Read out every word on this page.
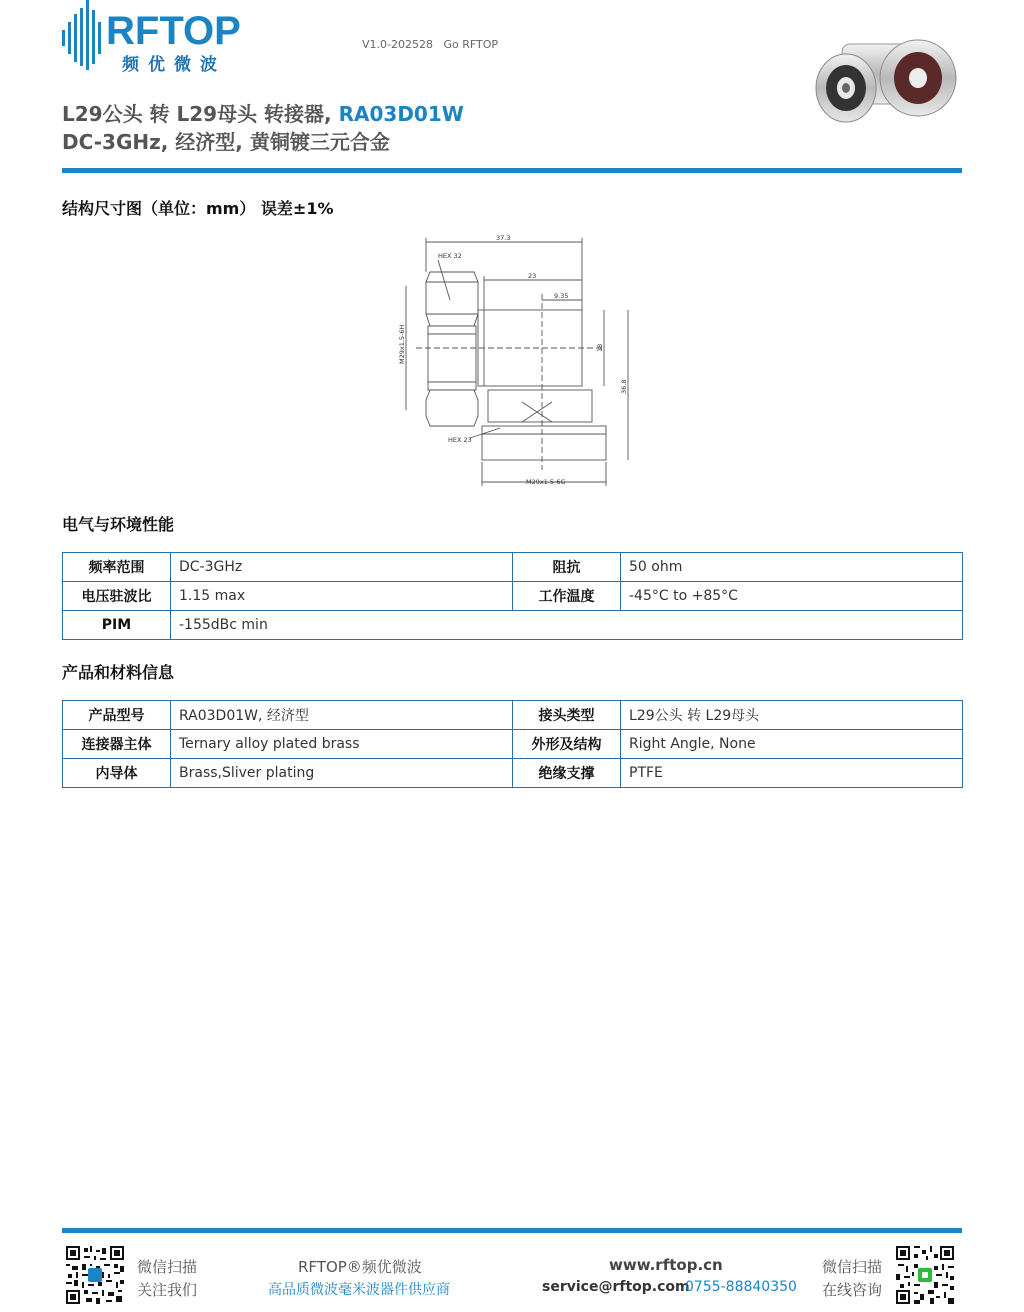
RFTOP
频优微波
V1.0-202528   Go RFTOP
L29公头 转 L29母头 转接器, RA03D01W
DC-3GHz, 经济型, 黄铜镀三元合金
结构尺寸图（单位：mm） 误差±1%
37.3
HEX 32
23
9.35
HEX 23
M29x1.5-6G
M29x1.5-6H	18
36.8
电气与环境性能
频率范围	DC-3GHz	阻抗	50 ohm
电压驻波比	1.15 max	工作温度	-45°C to +85°C
PIM	-155dBc min		
产品和材料信息
产品型号	RA03D01W, 经济型	接头类型	L29公头 转 L29母头
连接器主体	Ternary alloy plated brass	外形及结构	Right Angle, None
内导体	Brass,Sliver plating	绝缘支撑	PTFE
微信扫描
关注我们
RFTOP®频优微波
高品质微波毫米波器件供应商
www.rftop.cn
service@rftop.com
0755-88840350
微信扫描
在线咨询
